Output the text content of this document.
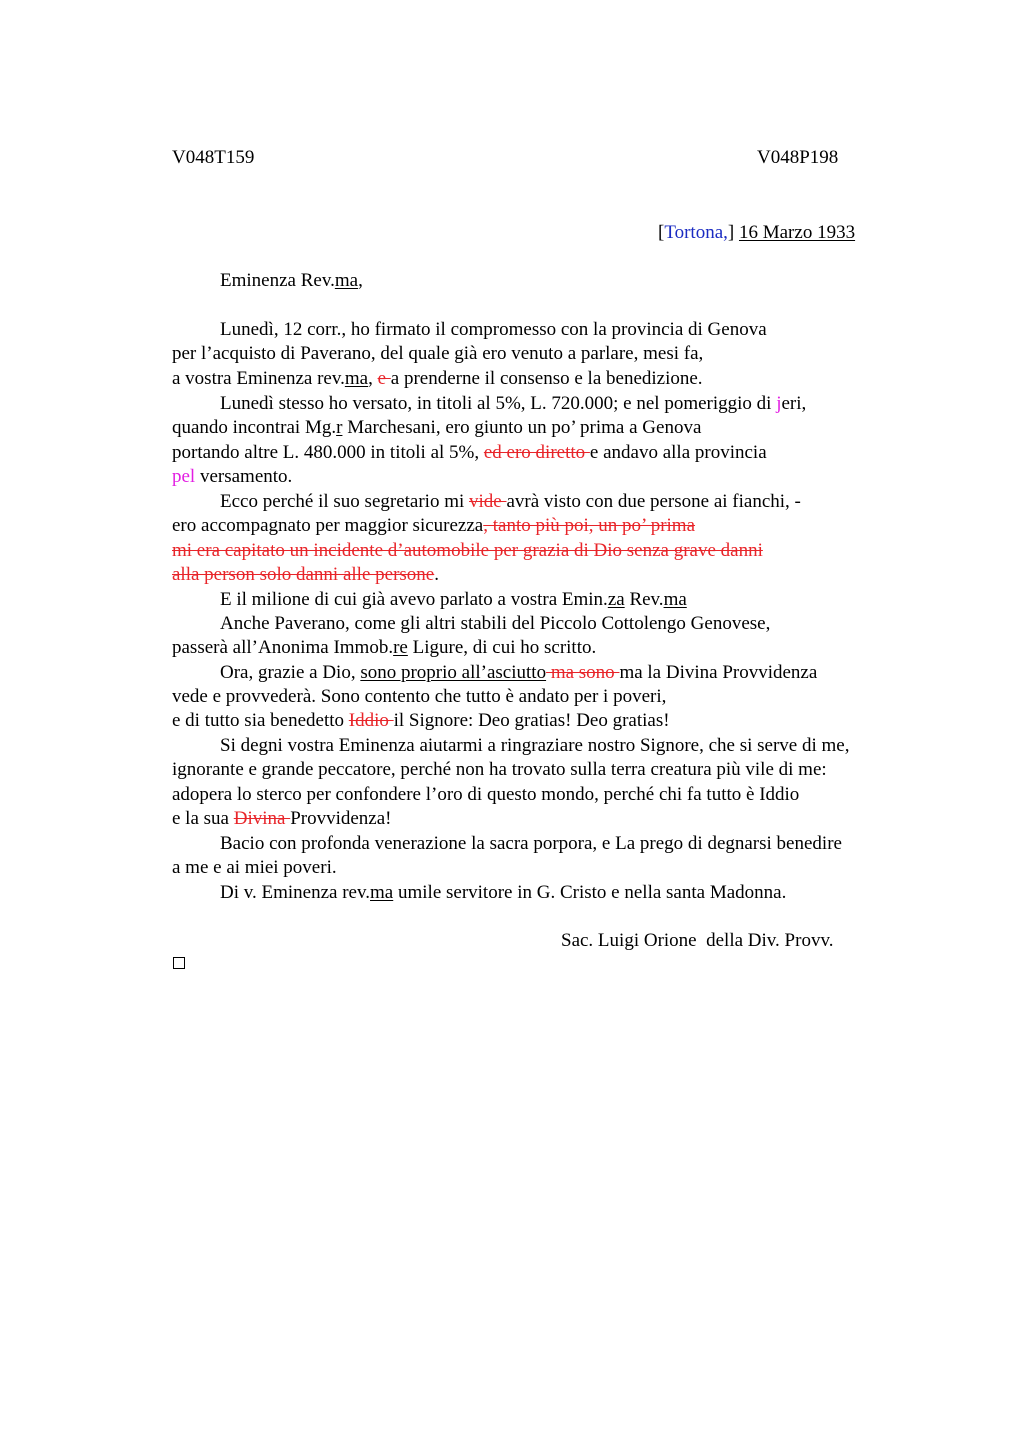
V048T159	V048P198
[Tortona,] 16 Marzo 1933
Eminenza Rev.ma,
Lunedì, 12 corr., ho firmato il compromesso con la provincia di Genova
per l’acquisto di Paverano, del quale già ero venuto a parlare, mesi fa,
a vostra Eminenza rev.ma, e a prenderne il consenso e la benedizione.
Lunedì stesso ho versato, in titoli al 5%, L. 720.000; e nel pomeriggio di jeri,
quando incontrai Mg.r Marchesani, ero giunto un po’ prima a Genova
portando altre L. 480.000 in titoli al 5%, ed ero diretto e andavo alla provincia
pel versamento.
Ecco perché il suo segretario mi vide avrà visto con due persone ai fianchi, -
ero accompagnato per maggior sicurezza, tanto più poi, un po’ prima
mi era capitato un incidente d’automobile per grazia di Dio senza grave danni
alla person solo danni alle persone.
E il milione di cui già avevo parlato a vostra Emin.za Rev.ma
Anche Paverano, come gli altri stabili del Piccolo Cottolengo Genovese,
passerà all’Anonima Immob.re Ligure, di cui ho scritto.
Ora, grazie a Dio, sono proprio all’asciutto ma sono ma la Divina Provvidenza
vede e provvederà. Sono contento che tutto è andato per i poveri,
e di tutto sia benedetto Iddio il Signore: Deo gratias! Deo gratias!
Si degni vostra Eminenza aiutarmi a ringraziare nostro Signore, che si serve di me,
ignorante e grande peccatore, perché non ha trovato sulla terra creatura più vile di me:
adopera lo sterco per confondere l’oro di questo mondo, perché chi fa tutto è Iddio
e la sua Divina Provvidenza!
Bacio con profonda venerazione la sacra porpora, e La prego di degnarsi benedire
a me e ai miei poveri.
Di v. Eminenza rev.ma umile servitore in G. Cristo e nella santa Madonna.
Sac. Luigi Orione  della Div. Provv.
